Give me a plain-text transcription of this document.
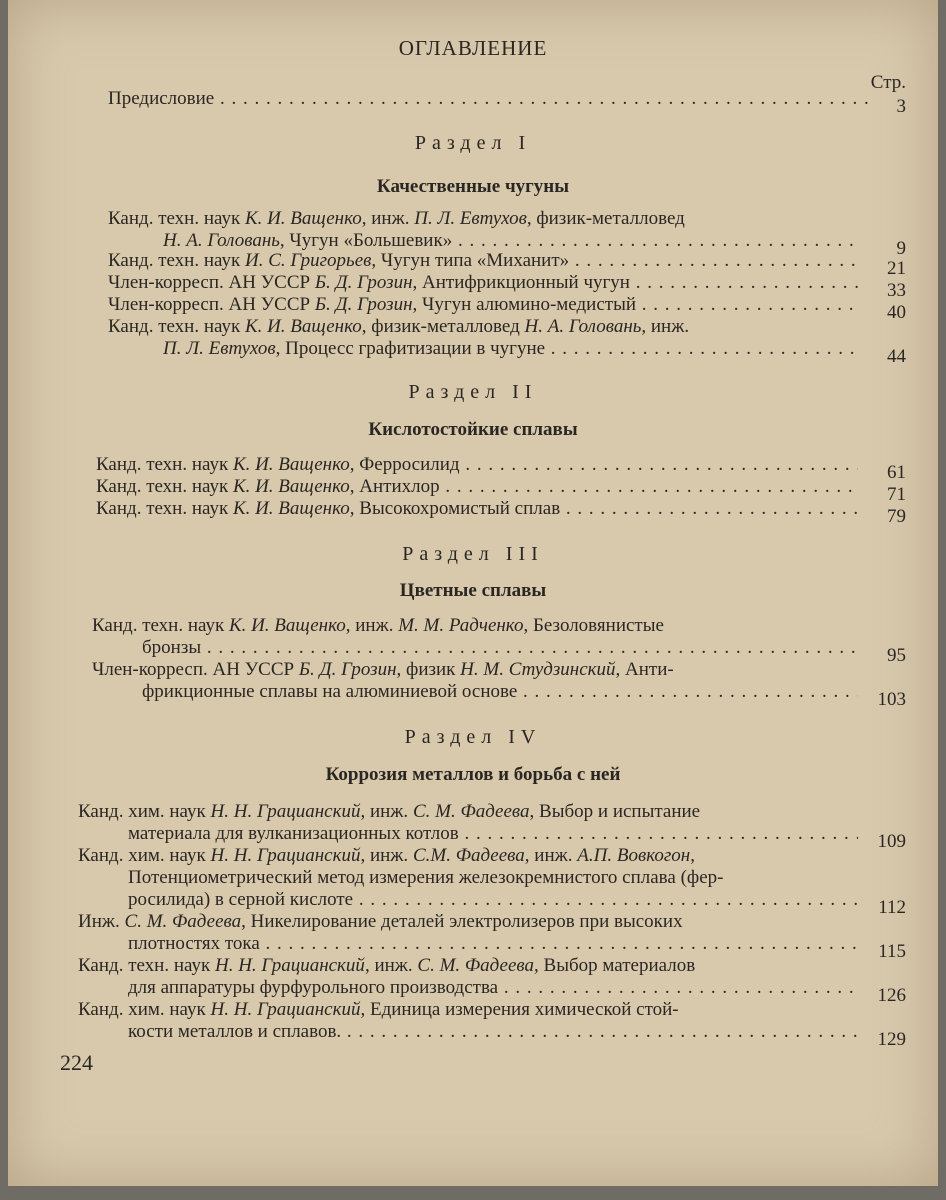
ОГЛАВЛЕНИЕ
Стр.
Предисловие . . .	3
Раздел I
Качественные чугуны
Канд. техн. наук К. И. Ващенко, инж. П. Л. Евтухов, физик-металловед
Н. А. Головань, Чугун «Большевик» . . .	9
Канд. техн. наук И. С. Григорьев, Чугун типа «Миханит» . . .	21
Член-корресп. АН УССР Б. Д. Грозин, Антифрикционный чугун . . .	33
Член-корресп. АН УССР Б. Д. Грозин, Чугун алюмино-медистый . . .	40
Канд. техн. наук К. И. Ващенко, физик-металловед Н. А. Головань, инж.
П. Л. Евтухов, Процесс графитизации в чугуне . . .	44
Раздел II
Кислотостойкие сплавы
Канд. техн. наук К. И. Ващенко, Ферросилид . . .	61
Канд. техн. наук К. И. Ващенко, Антихлор . . .	71
Канд. техн. наук К. И. Ващенко, Высокохромистый сплав . . .	79
Раздел III
Цветные сплавы
Канд. техн. наук К. И. Ващенко, инж. М. М. Радченко, Безоловянистые
бронзы . . .	95
Член-корресп. АН УССР Б. Д. Грозин, физик Н. М. Студзинский, Анти-
фрикционные сплавы на алюминиевой основе . . .	103
Раздел IV
Коррозия металлов и борьба с ней
Канд. хим. наук Н. Н. Грацианский, инж. С. М. Фадеева, Выбор и испытание
материала для вулканизационных котлов . . .	109
Канд. хим. наук Н. Н. Грацианский, инж. С.М. Фадеева, инж. А.П. Вовкогон,
Потенциометрический метод измерения железокремнистого сплава (фер-
росилида) в серной кислоте . . .	112
Инж. С. М. Фадеева, Никелирование деталей электролизеров при высоких
плотностях тока . . .	115
Канд. техн. наук Н. Н. Грацианский, инж. С. М. Фадеева, Выбор материалов
для аппаратуры фурфурольного производства . . .	126
Канд. хим. наук Н. Н. Грацианский, Единица измерения химической стой-
кости металлов и сплавов. . . .	129
224
